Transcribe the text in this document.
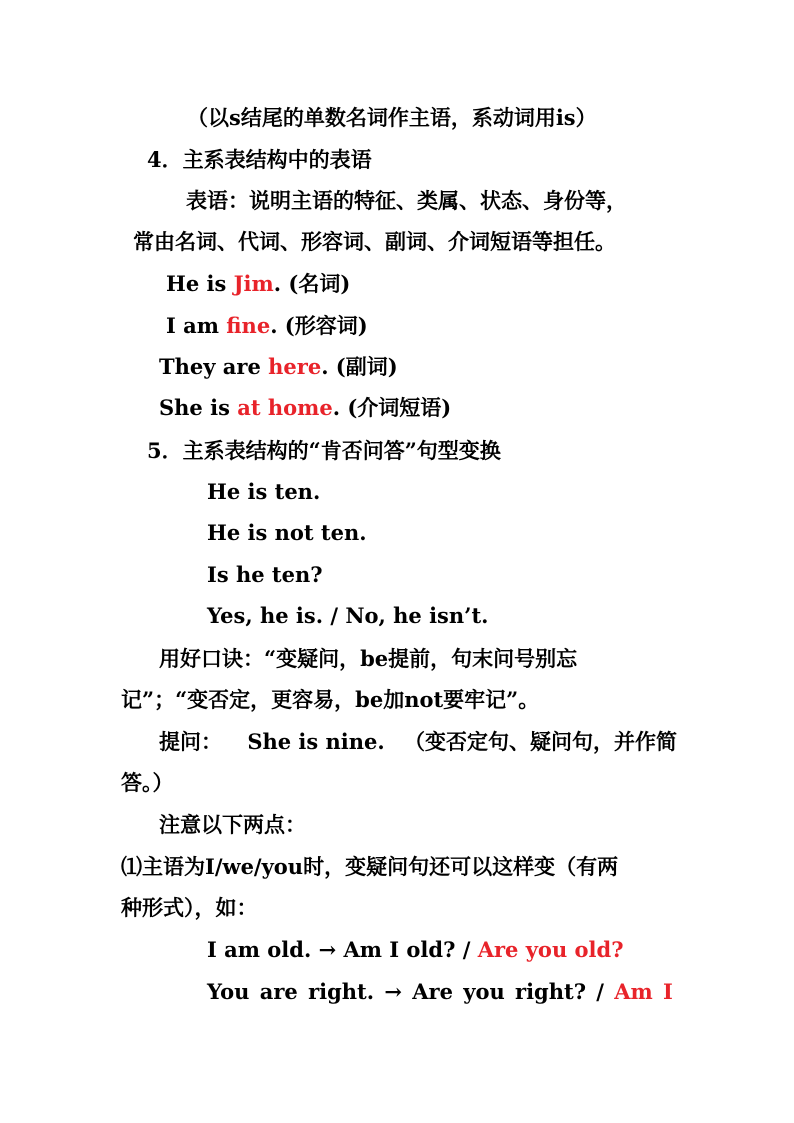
（以s结尾的单数名词作主语，系动词用is）
4．主系表结构中的表语
表语：说明主语的特征、类属、状态、身份等，
常由名词、代词、形容词、副词、介词短语等担任。
He is Jim. (名词)
I am fine. (形容词)
They are here. (副词)
She is at home. (介词短语)
5．主系表结构的“肯否问答”句型变换
He is ten.
He is not ten.
Is he ten?
Yes, he is. / No, he isn’t.
用好口诀：“变疑问，be提前，句末问号别忘
记”；“变否定，更容易，be加not要牢记”。
提问： She is nine. （变否定句、疑问句，并作简
答。）
注意以下两点：
⑴主语为I/we/you时，变疑问句还可以这样变（有两
种形式），如：
I am old. → Am I old? / Are you old?
You are right. → Are you right? / Am I
